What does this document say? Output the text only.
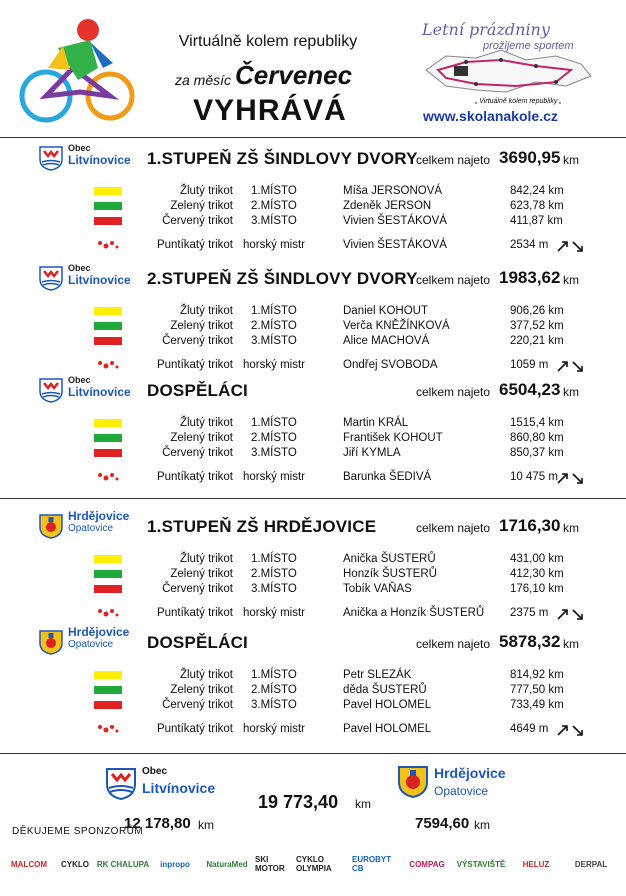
Virtuálně kolem republiky
za měsíc Červenec
VYHRÁVÁ
Letní prázdniny
prožijeme sportem
„ Virtuálně kolem republiky „
www.skolanakole.cz
Obec
Litvínovice 1.STUPEŇ ZŠ ŠINDLOVY DVORY
celkem najeto 3690,95 km
Žlutý trikot 1.MÍSTO	Míša JERSONOVÁ	842,24 km
Zelený trikot 2.MÍSTO	Zdeněk JERSON	623,78 km
Červený trikot 3.MÍSTO	Vivien ŠESTÁKOVÁ	411,87 km
Puntíkatý trikot horský mistr	Vivien ŠESTÁKOVÁ	2534 m
Obec
Litvínovice 2.STUPEŇ ZŠ ŠINDLOVY DVORY
celkem najeto 1983,62 km
Žlutý trikot 1.MÍSTO	Daniel KOHOUT	906,26 km
Zelený trikot 2.MÍSTO	Verča KNĚŽÍNKOVÁ	377,52 km
Červený trikot 3.MÍSTO	Alice MACHOVÁ	220,21 km
Puntíkatý trikot horský mistr	Ondřej SVOBODA	1059 m
Obec
Litvínovice DOSPĚLÁCI	celkem najeto 6504,23 km
Žlutý trikot 1.MÍSTO	Martin KRÁL	1515,4 km
Zelený trikot 2.MÍSTO	František KOHOUT	860,80 km
Červený trikot 3.MÍSTO	Jiří KYMLA	850,37 km
Puntíkatý trikot horský mistr	Barunka ŠEDIVÁ	10 475 m
Hrdějovice
Opatovice 1.STUPEŇ ZŠ HRDĚJOVICE	celkem najeto 1716,30 km
Žlutý trikot 1.MÍSTO	Anička ŠUSTERŮ	431,00 km
Zelený trikot 2.MÍSTO	Honzík ŠUSTERŮ	412,30 km
Červený trikot 3.MÍSTO	Tobík VAŇAS	176,10 km
Puntíkatý trikot horský mistr	Anička a Honzík ŠUSTERŮ 2375 m
Hrdějovice
Opatovice DOSPĚLÁCI	celkem najeto 5878,32 km
Žlutý trikot 1.MÍSTO	Petr SLEZÁK	814,92 km
Zelený trikot 2.MÍSTO	děda ŠUSTERŮ	777,50 km
Červený trikot 3.MÍSTO	Pavel HOLOMEL	733,49 km
Puntíkatý trikot horský mistr	Pavel HOLOMEL	4649 m
Obec
Litvínovice
12 178,80 km
19 773,40 km
Hrdějovice
Opatovice
7594,60 km
DĚKUJEME SPONZORŮM
MALCOM	CYKLO RK CHALUPA	inpropo	NaturaMed SKI MOTOR
CYKLO OLYMPIA
EUROBYT CB	COMPAG	VÝSTAVIŠTĚ	HELUZ	DERPAL
